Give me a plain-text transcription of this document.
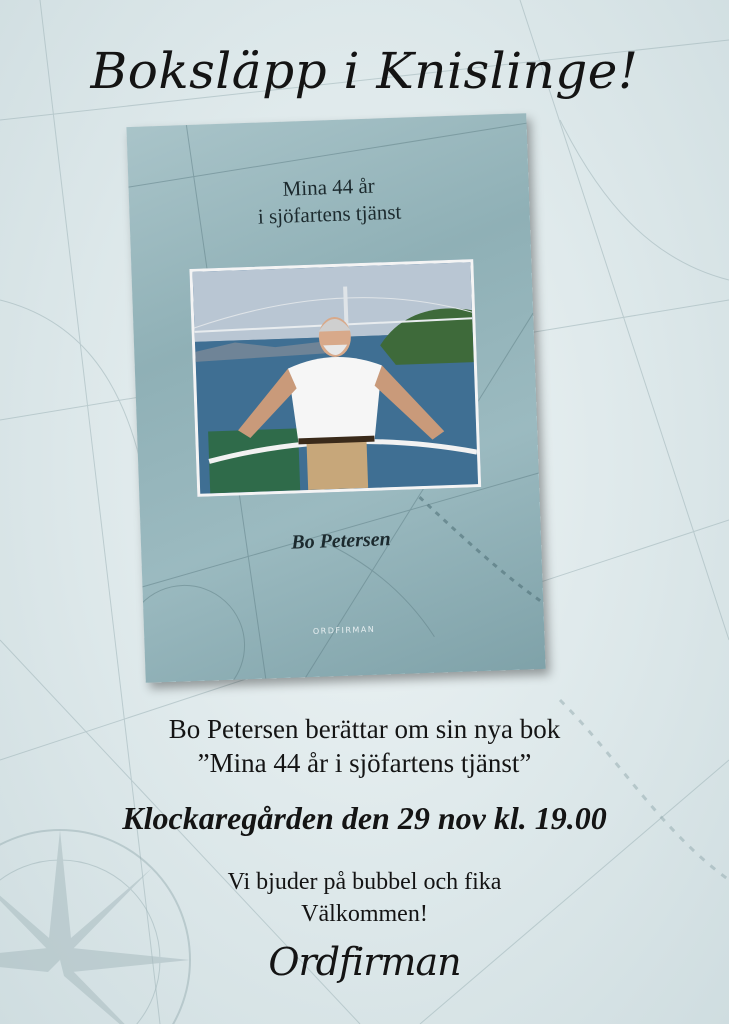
Boksläpp i Knislinge!
Mina 44 år
i sjöfartens tjänst
Bo Petersen
ORDFIRMAN
Bo Petersen berättar om sin nya bok
”Mina 44 år i sjöfartens tjänst”
Klockaregården den 29 nov kl. 19.00
Vi bjuder på bubbel och fika
Välkommen!
Ordfirman
